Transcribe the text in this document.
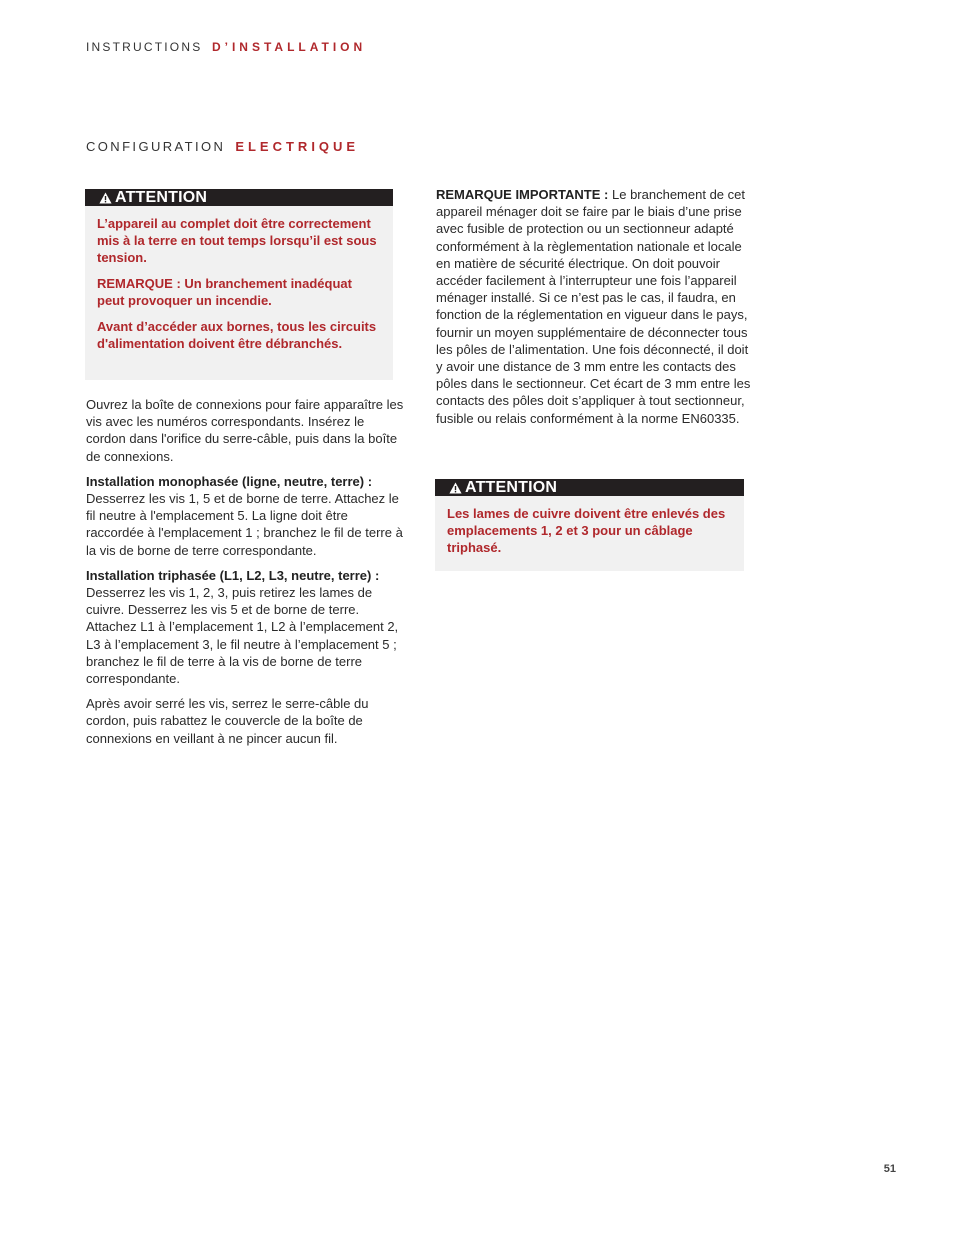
INSTRUCTIONS D’INSTALLATION
CONFIGURATION ELECTRIQUE
ATTENTION

L’appareil au complet doit être correctement mis à la terre en tout temps lorsqu’il est sous tension.

REMARQUE : Un branchement inadéquat peut provoquer un incendie.

Avant d’accéder aux bornes, tous les circuits d'alimentation doivent être débranchés.

Ouvrez la boîte de connexions pour faire apparaître les vis avec les numéros correspondants. Insérez le cordon dans l'orifice du serre-câble, puis dans la boîte de connexions.

Installation monophasée (ligne, neutre, terre) :
Desserrez les vis 1, 5 et de borne de terre. Attachez le fil neutre à l'emplacement 5. La ligne doit être raccordée à l'emplacement 1 ; branchez le fil de terre à la vis de borne de terre correspondante.

Installation triphasée (L1, L2, L3, neutre, terre) :
Desserrez les vis 1, 2, 3, puis retirez les lames de cuivre. Desserrez les vis 5 et de borne de terre. Attachez L1 à l’emplacement 1, L2 à l’emplacement 2, L3 à l’emplacement 3, le fil neutre à l’emplacement 5 ; branchez le fil de terre à la vis de borne de terre correspondante.

Après avoir serré les vis, serrez le serre-câble du cordon, puis rabattez le couvercle de la boîte de connexions en veillant à ne pincer aucun fil.

REMARQUE IMPORTANTE : Le branchement de cet appareil ménager doit se faire par le biais d’une prise avec fusible de protection ou un sectionneur adapté conformément à la règlementation nationale et locale en matière de sécurité électrique. On doit pouvoir accéder facilement à l’interrupteur une fois l’appareil ménager installé. Si ce n’est pas le cas, il faudra, en fonction de la réglementation en vigueur dans le pays, fournir un moyen supplémentaire de déconnecter tous les pôles de l’alimentation. Une fois déconnecté, il doit y avoir une distance de 3 mm entre les contacts des pôles dans le sectionneur. Cet écart de 3 mm entre les contacts des pôles doit s’appliquer à tout sectionneur, fusible ou relais conformément à la norme EN60335.

ATTENTION

Les lames de cuivre doivent être enlevés des emplacements 1, 2 et 3 pour un câblage triphasé.

51
